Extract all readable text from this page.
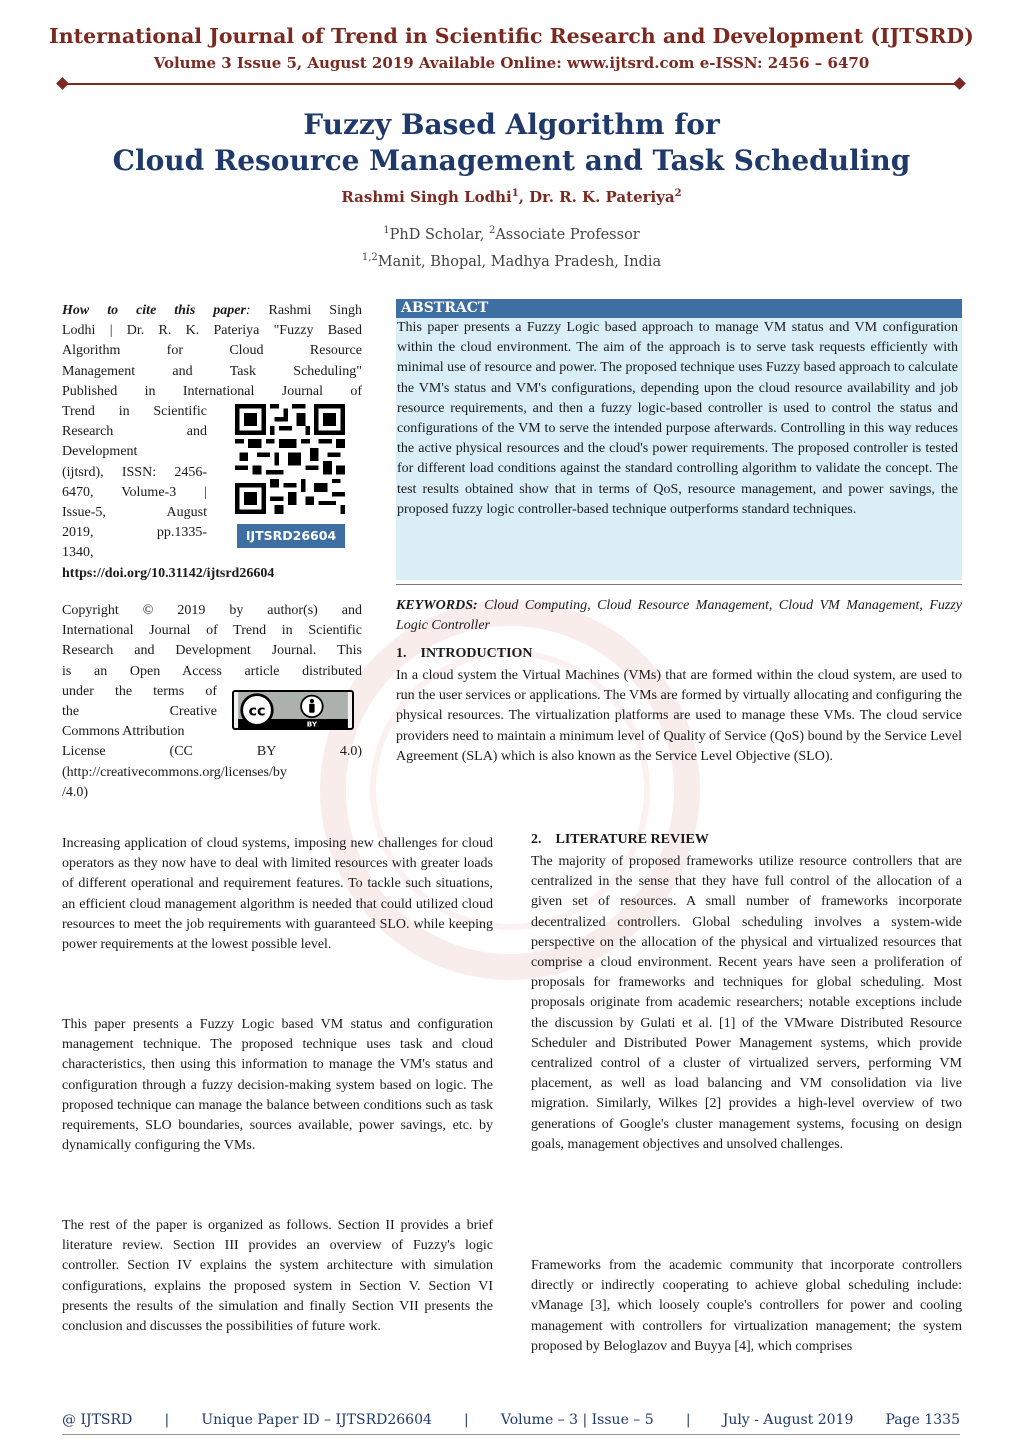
International Journal of Trend in Scientific Research and Development (IJTSRD)
Volume 3 Issue 5, August 2019 Available Online: www.ijtsrd.com e-ISSN: 2456 – 6470
Fuzzy Based Algorithm for
Cloud Resource Management and Task Scheduling
Rashmi Singh Lodhi$^1$, Dr. R. K. Pateriya$^2$
$^1$PhD Scholar, $^2$Associate Professor
$^{1,2}$Manit, Bhopal, Madhya Pradesh, India
How to cite this paper: Rashmi Singh
Lodhi | Dr. R. K. Pateriya "Fuzzy Based
Algorithm for Cloud Resource
Management and Task Scheduling"
Published in International Journal of
Trend in Scientific
Research and
Development
(ijtsrd), ISSN: 2456-
6470, Volume-3 |
Issue-5, August
2019, pp.1335-
1340,
https://doi.org/10.31142/ijtsrd26604
IJTSRD26604
Copyright © 2019 by author(s) and
International Journal of Trend in Scientific
Research and Development Journal. This
is an Open Access article distributed
under the terms of
the Creative
Commons Attribution
License (CC BY 4.0)
(http://creativecommons.org/licenses/by
/4.0)
cc
BY
ABSTRACT
This paper presents a Fuzzy Logic based approach to manage VM status and VM configuration within the cloud environment. The aim of the approach is to serve task requests efficiently with minimal use of resource and power. The proposed technique uses Fuzzy based approach to calculate the VM's status and VM's configurations, depending upon the cloud resource availability and job resource requirements, and then a fuzzy logic-based controller is used to control the status and configurations of the VM to serve the intended purpose afterwards. Controlling in this way reduces the active physical resources and the cloud's power requirements. The proposed controller is tested for different load conditions against the standard controlling algorithm to validate the concept. The test results obtained show that in terms of QoS, resource management, and power savings, the proposed fuzzy logic controller-based technique outperforms standard techniques.
KEYWORDS: Cloud Computing, Cloud Resource Management, Cloud VM Management, Fuzzy Logic Controller
1.    INTRODUCTION
In a cloud system the Virtual Machines (VMs) that are formed within the cloud system, are used to run the user services or applications. The VMs are formed by virtually allocating and configuring the physical resources. The virtualization platforms are used to manage these VMs. The cloud service providers need to maintain a minimum level of Quality of Service (QoS) bound by the Service Level Agreement (SLA) which is also known as the Service Level Objective (SLO).
Increasing application of cloud systems, imposing new challenges for cloud operators as they now have to deal with limited resources with greater loads of different operational and requirement features. To tackle such situations, an efficient cloud management algorithm is needed that could utilized cloud resources to meet the job requirements with guaranteed SLO. while keeping power requirements at the lowest possible level.
This paper presents a Fuzzy Logic based VM status and configuration management technique. The proposed technique uses task and cloud characteristics, then using this information to manage the VM's status and configuration through a fuzzy decision-making system based on logic. The proposed technique can manage the balance between conditions such as task requirements, SLO boundaries, sources available, power savings, etc. by dynamically configuring the VMs.
The rest of the paper is organized as follows. Section II provides a brief literature review. Section III provides an overview of Fuzzy's logic controller. Section IV explains the system architecture with simulation configurations, explains the proposed system in Section V. Section VI presents the results of the simulation and finally Section VII presents the conclusion and discusses the possibilities of future work.
2.    LITERATURE REVIEW
The majority of proposed frameworks utilize resource controllers that are centralized in the sense that they have full control of the allocation of a given set of resources. A small number of frameworks incorporate decentralized controllers. Global scheduling involves a system-wide perspective on the allocation of the physical and virtualized resources that comprise a cloud environment. Recent years have seen a proliferation of proposals for frameworks and techniques for global scheduling. Most proposals originate from academic researchers; notable exceptions include the discussion by Gulati et al. [1] of the VMware Distributed Resource Scheduler and Distributed Power Management systems, which provide centralized control of a cluster of virtualized servers, performing VM placement, as well as load balancing and VM consolidation via live migration. Similarly, Wilkes [2] provides a high-level overview of two generations of Google's cluster management systems, focusing on design goals, management objectives and unsolved challenges.
Frameworks from the academic community that incorporate controllers directly or indirectly cooperating to achieve global scheduling include: vManage [3], which loosely couple's controllers for power and cooling management with controllers for virtualization management; the system proposed by Beloglazov and Buyya [4], which comprises
@ IJTSRD | Unique Paper ID – IJTSRD26604 | Volume – 3 | Issue – 5 | July - August 2019 Page 1335
